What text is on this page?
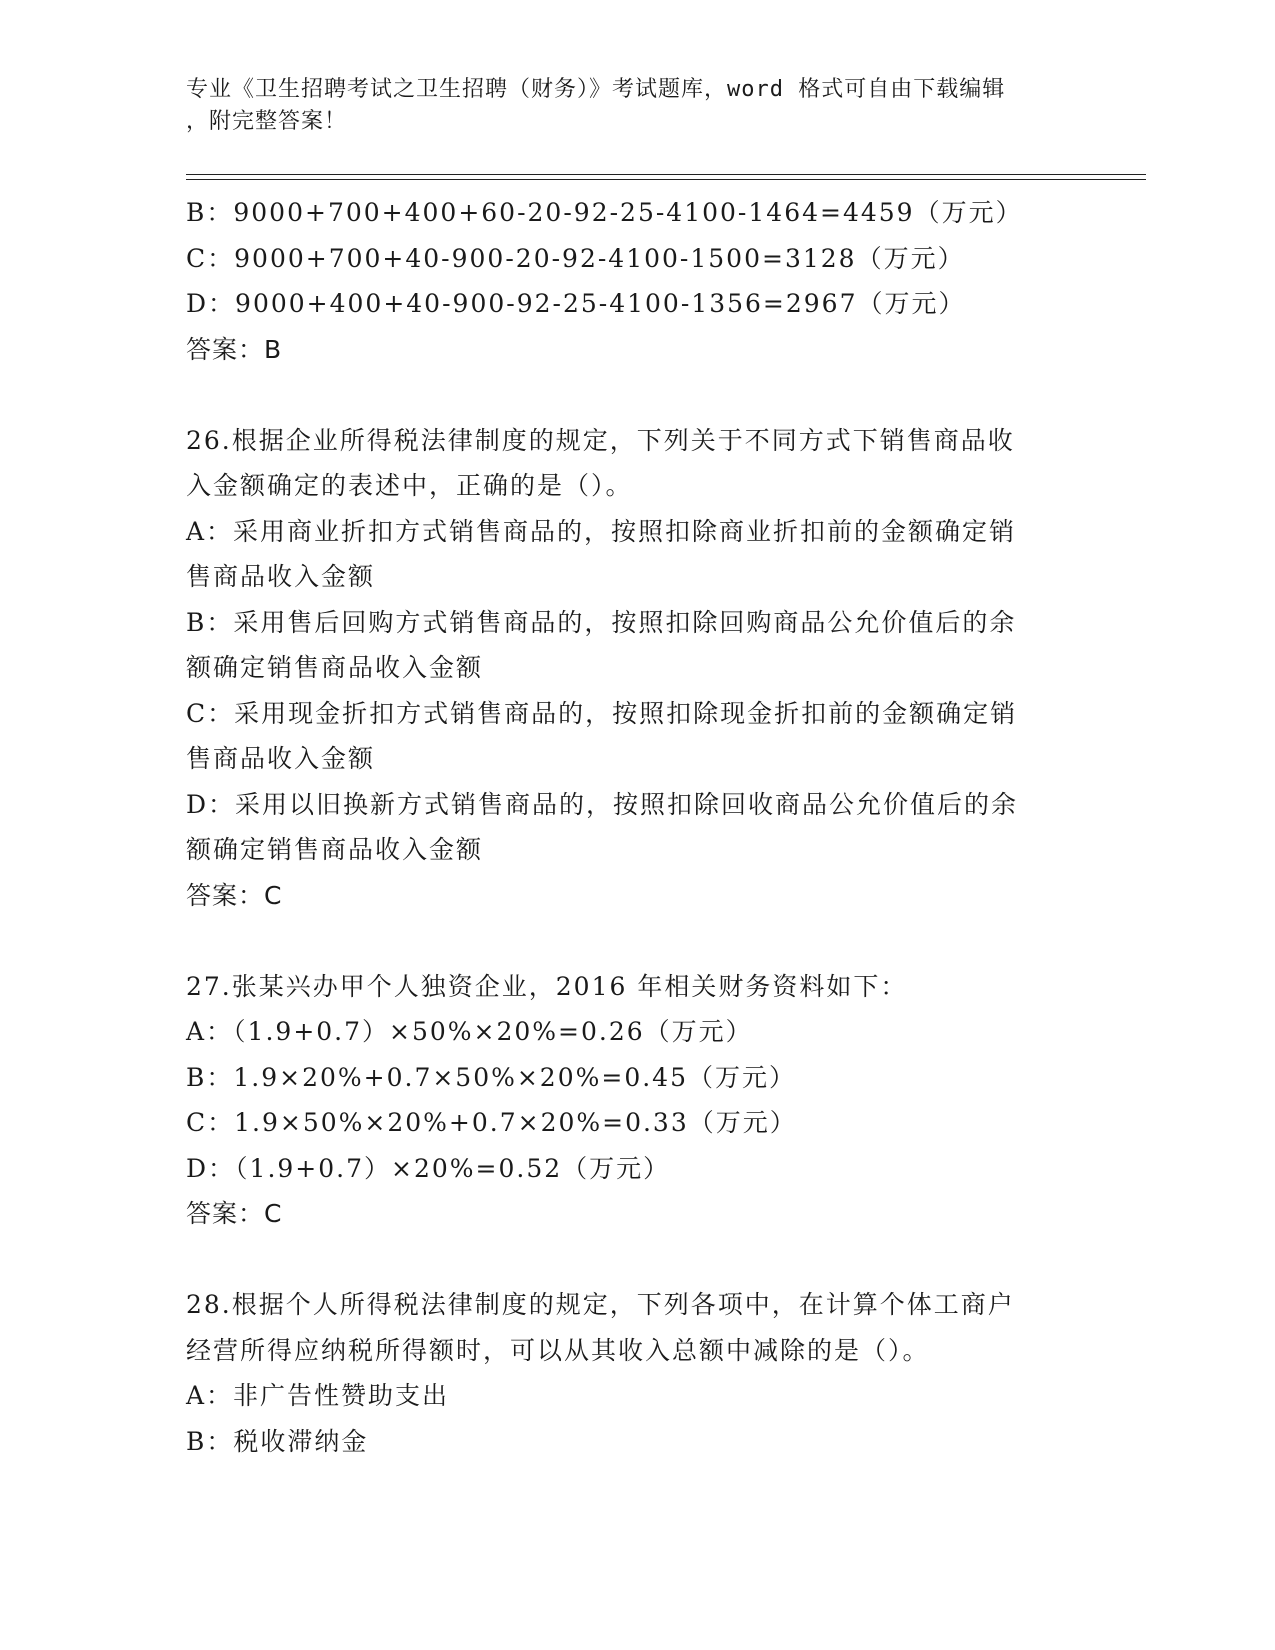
专业《卫生招聘考试之卫生招聘（财务）》考试题库，word 格式可自由下载编辑
，附完整答案！

B：9000+700+400+60-20-92-25-4100-1464=4459（万元）

C：9000+700+40-900-20-92-4100-1500=3128（万元）

D：9000+400+40-900-92-25-4100-1356=2967（万元）

答案：B

26.根据企业所得税法律制度的规定，下列关于不同方式下销售商品收

入金额确定的表述中，正确的是（）。

A：采用商业折扣方式销售商品的，按照扣除商业折扣前的金额确定销

售商品收入金额

B：采用售后回购方式销售商品的，按照扣除回购商品公允价值后的余

额确定销售商品收入金额

C：采用现金折扣方式销售商品的，按照扣除现金折扣前的金额确定销

售商品收入金额

D：采用以旧换新方式销售商品的，按照扣除回收商品公允价值后的余

额确定销售商品收入金额

答案：C

27.张某兴办甲个人独资企业，2016 年相关财务资料如下：

A：（1.9+0.7）×50%×20%=0.26（万元）

B：1.9×20%+0.7×50%×20%=0.45（万元）

C：1.9×50%×20%+0.7×20%=0.33（万元）

D：（1.9+0.7）×20%=0.52（万元）

答案：C

28.根据个人所得税法律制度的规定，下列各项中，在计算个体工商户

经营所得应纳税所得额时，可以从其收入总额中减除的是（）。

A：非广告性赞助支出

B：税收滞纳金
